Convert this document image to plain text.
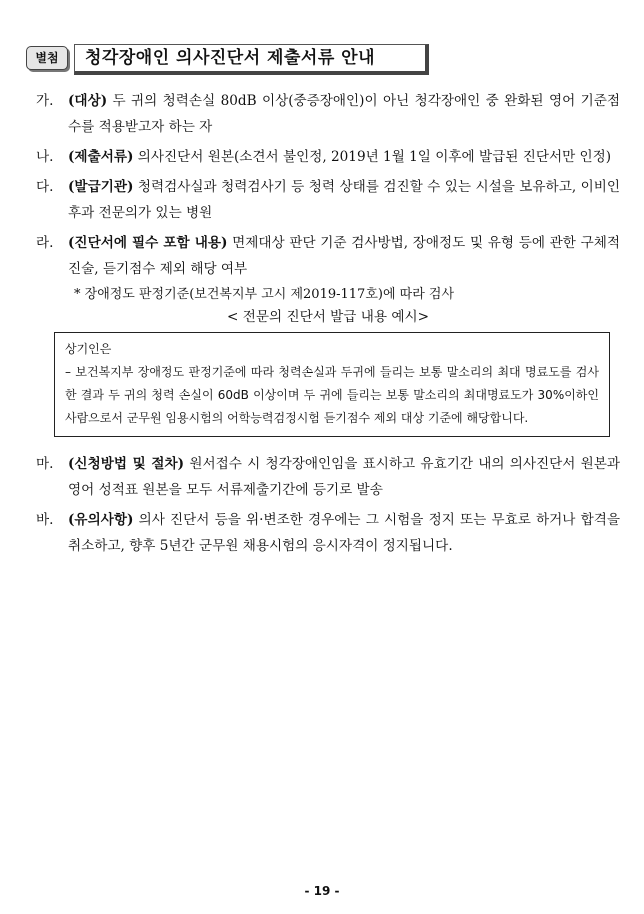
별첨	청각장애인 의사진단서 제출서류 안내
가. (대상) 두 귀의 청력손실 80dB 이상(중증장애인)이 아닌 청각장애인 중 완화된 영어 기준점수를 적용받고자 하는 자
나. (제출서류) 의사진단서 원본(소견서 불인정, 2019년 1월 1일 이후에 발급된 진단서만 인정)
다. (발급기관) 청력검사실과 청력검사기 등 청력 상태를 검진할 수 있는 시설을 보유하고, 이비인후과 전문의가 있는 병원
라. (진단서에 필수 포함 내용) 면제대상 판단 기준 검사방법, 장애정도 및 유형 등에 관한 구체적 진술, 듣기점수 제외 해당 여부
* 장애정도 판정기준(보건복지부 고시 제2019-117호)에 따라 검사
< 전문의 진단서 발급 내용 예시>
상기인은
– 보건복지부 장애정도 판정기준에 따라 청력손실과 두귀에 들리는 보통 말소리의 최대 명료도를 검사한 결과 두 귀의 청력 손실이 60dB 이상이며 두 귀에 들리는 보통 말소리의 최대명료도가 30%이하인 사람으로서 군무원 임용시험의 어학능력검정시험 듣기점수 제외 대상 기준에 해당합니다.
마. (신청방법 및 절차) 원서접수 시 청각장애인임을 표시하고 유효기간 내의 의사진단서 원본과 영어 성적표 원본을 모두 서류제출기간에 등기로 발송
바. (유의사항) 의사 진단서 등을 위·변조한 경우에는 그 시험을 정지 또는 무효로 하거나 합격을 취소하고, 향후 5년간 군무원 채용시험의 응시자격이 정지됩니다.
- 19 -
